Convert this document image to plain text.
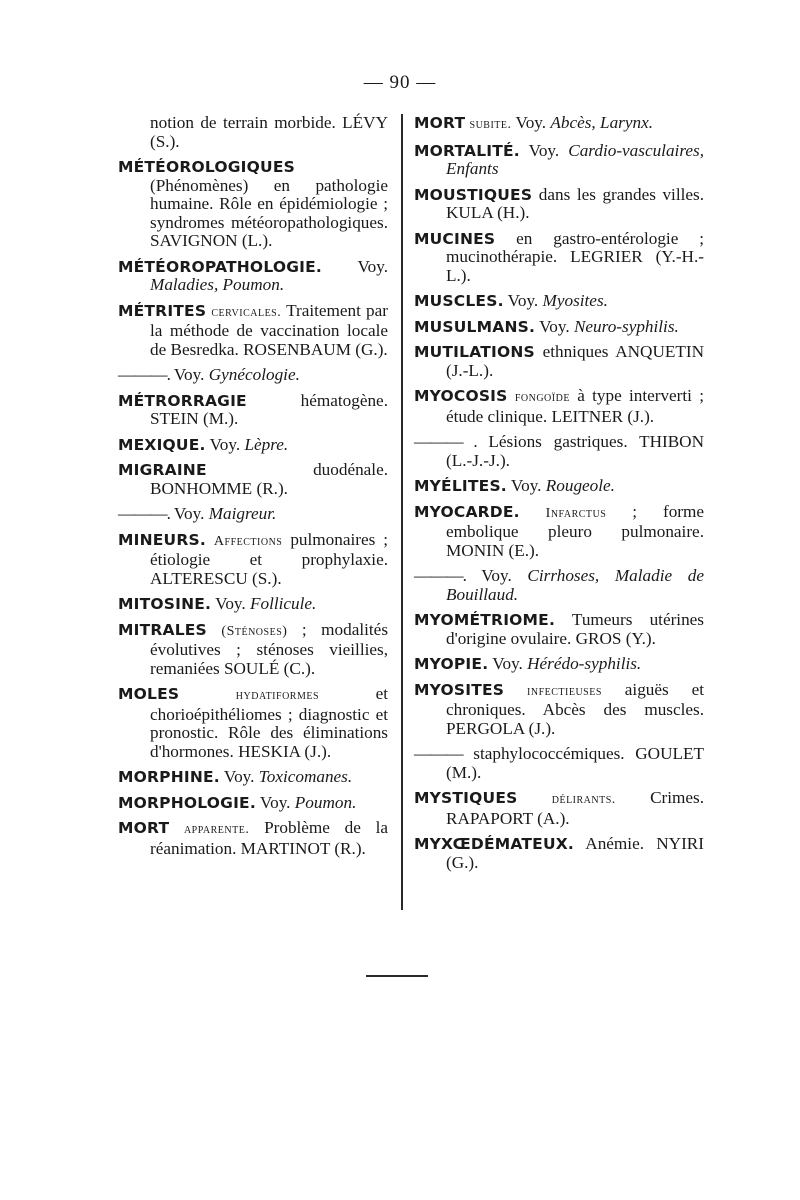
— 90 —

notion de terrain morbide. LÉVY (S.).

MÉTÉOROLOGIQUES (Phénomènes) en pathologie humaine. Rôle en épidémiologie ; syndromes météoropathologiques. SAVIGNON (L.).

MÉTÉOROPATHOLOGIE. Voy. Maladies, Poumon.

MÉTRITES cervicales. Traitement par la méthode de vaccination locale de Besredka. ROSENBAUM (G.).

———. Voy. Gynécologie.

MÉTRORRAGIE	hématogène. STEIN (M.).

MEXIQUE. Voy. Lèpre.

MIGRAINE	duodénale. BONHOMME (R.).

———. Voy. Maigreur.

MINEURS. Affections pulmonaires ; étiologie et prophylaxie. ALTERESCU (S.).

MITOSINE. Voy. Follicule.

MITRALES (Sténoses) ; modalités évolutives ; sténoses vieillies, remaniées SOULÉ (C.).

MOLES	hydatiformes	et chorioépithéliomes ; diagnostic et pronostic. Rôle des éliminations d'hormones. HESKIA (J.).

MORPHINE. Voy. Toxicomanes.

MORPHOLOGIE. Voy. Poumon.

MORT apparente. Problème de la réanimation. MARTINOT (R.).

MORT subite. Voy. Abcès, Larynx.

MORTALITÉ. Voy. Cardio-vasculaires, Enfants

MOUSTIQUES dans les grandes villes. KULA (H.).

MUCINES en gastro-entérologie ; mucinothérapie. LEGRIER (Y.-H.-L.).

MUSCLES. Voy. Myosites.

MUSULMANS. Voy. Neuro-syphilis.

MUTILATIONS ethniques ANQUETIN (J.-L.).

MYOCOSIS fongoïde à type interverti ; étude clinique. LEITNER (J.).

——— . Lésions gastriques. THIBON (L.-J.-J.).

MYÉLITES. Voy. Rougeole.

MYOCARDE. Infarctus ; forme embolique pleuro pulmonaire. MONIN (E.).

———. Voy. Cirrhoses, Maladie de Bouillaud.

MYOMÉTRIOME. Tumeurs utérines d'origine ovulaire. GROS (Y.).

MYOPIE. Voy. Hérédo-syphilis.

MYOSITES infectieuses aiguës et chroniques. Abcès des muscles. PERGOLA (J.).

——— staphylococcémiques. GOULET (M.).

MYSTIQUES délirants. Crimes. RAPAPORT (A.).

MYXŒDÉMATEUX. Anémie. NYIRI (G.).
